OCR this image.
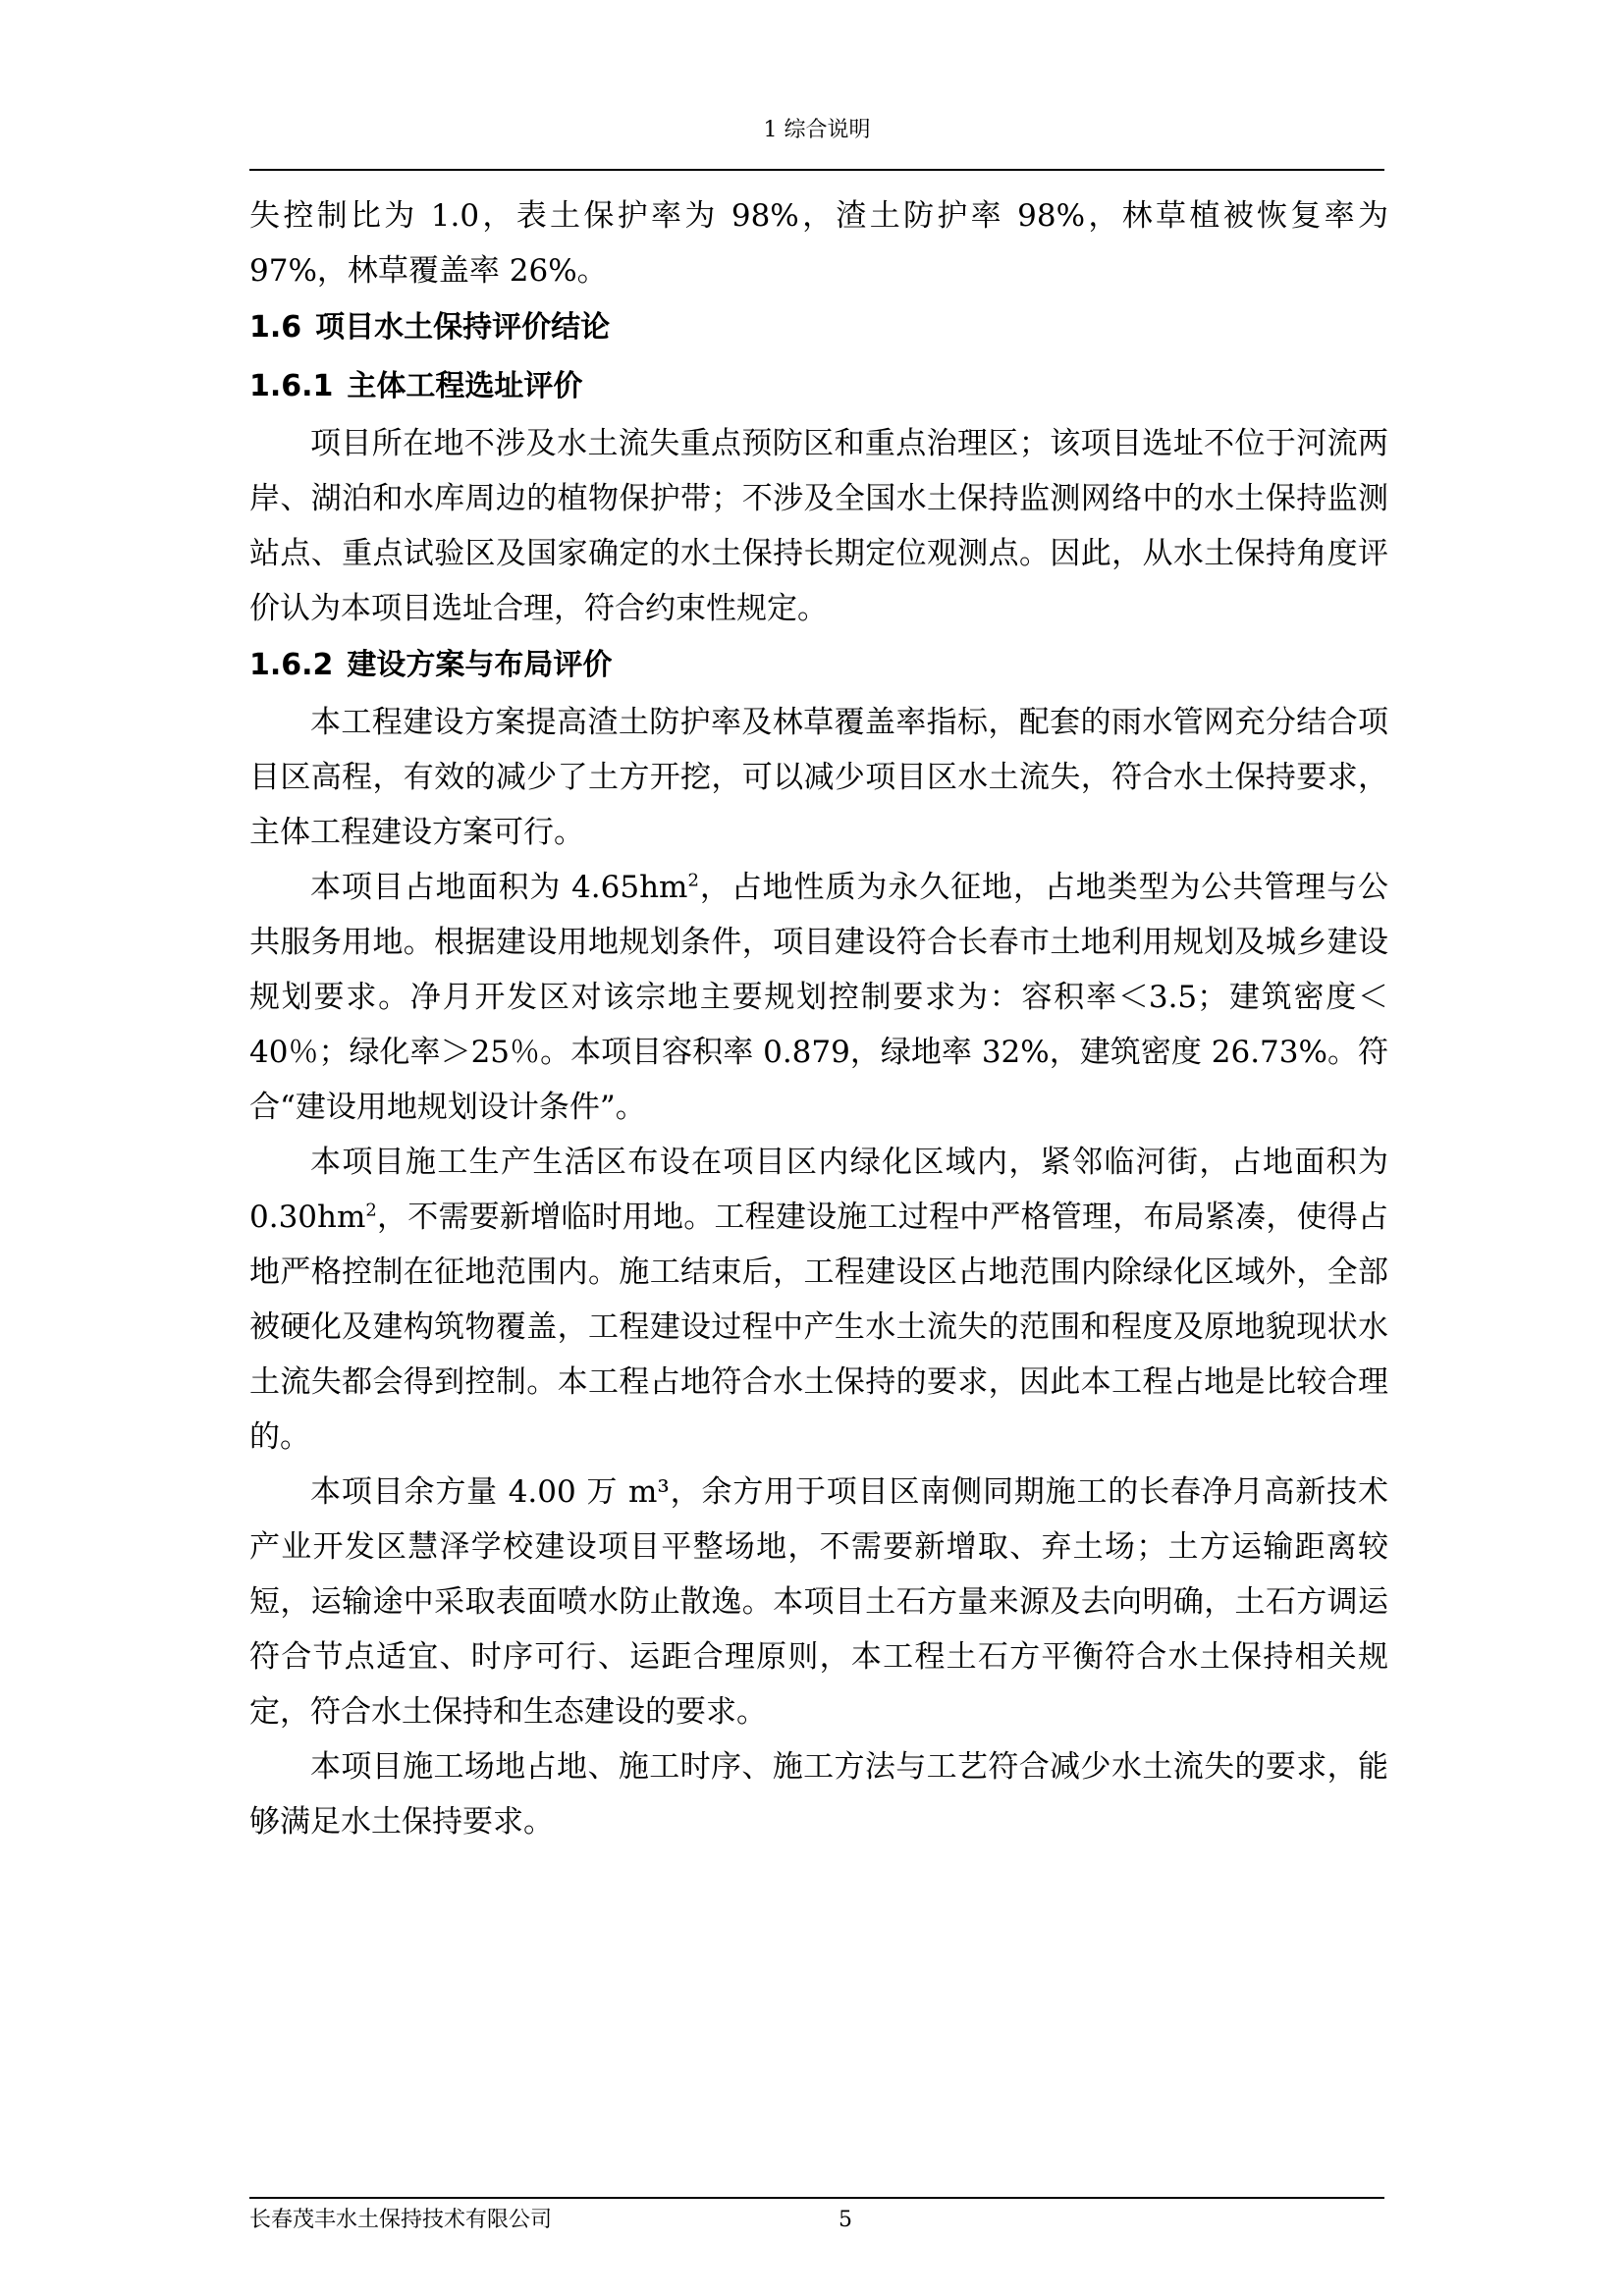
1 综合说明

失控制比为 1.0，表土保护率为 98%，渣土防护率 98%，林草植被恢复率为 97%，林草覆盖率 26%。

1.6 项目水土保持评价结论
1.6.1 主体工程选址评价

项目所在地不涉及水土流失重点预防区和重点治理区；该项目选址不位于河流两岸、湖泊和水库周边的植物保护带；不涉及全国水土保持监测网络中的水土保持监测站点、重点试验区及国家确定的水土保持长期定位观测点。因此，从水土保持角度评价认为本项目选址合理，符合约束性规定。

1.6.2 建设方案与布局评价

本工程建设方案提高渣土防护率及林草覆盖率指标，配套的雨水管网充分结合项目区高程，有效的减少了土方开挖，可以减少项目区水土流失，符合水土保持要求，主体工程建设方案可行。

本项目占地面积为 $4.65hm^2$，占地性质为永久征地，占地类型为公共管理与公共服务用地。根据建设用地规划条件，项目建设符合长春市土地利用规划及城乡建设规划要求。净月开发区对该宗地主要规划控制要求为：容积率＜3.5；建筑密度＜40％；绿化率＞25％。本项目容积率 0.879，绿地率 32%，建筑密度 26.73%。符合“建设用地规划设计条件”。

本项目施工生产生活区布设在项目区内绿化区域内，紧邻临河街，占地面积为 $0.30hm^2$，不需要新增临时用地。工程建设施工过程中严格管理，布局紧凑，使得占地严格控制在征地范围内。施工结束后，工程建设区占地范围内除绿化区域外，全部被硬化及建构筑物覆盖，工程建设过程中产生水土流失的范围和程度及原地貌现状水土流失都会得到控制。本工程占地符合水土保持的要求，因此本工程占地是比较合理的。

本项目余方量 4.00 万 m³，余方用于项目区南侧同期施工的长春净月高新技术产业开发区慧泽学校建设项目平整场地，不需要新增取、弃土场；土方运输距离较短，运输途中采取表面喷水防止散逸。本项目土石方量来源及去向明确，土石方调运符合节点适宜、时序可行、运距合理原则，本工程土石方平衡符合水土保持相关规定，符合水土保持和生态建设的要求。

本项目施工场地占地、施工时序、施工方法与工艺符合减少水土流失的要求，能够满足水土保持要求。

长春茂丰水土保持技术有限公司	5
